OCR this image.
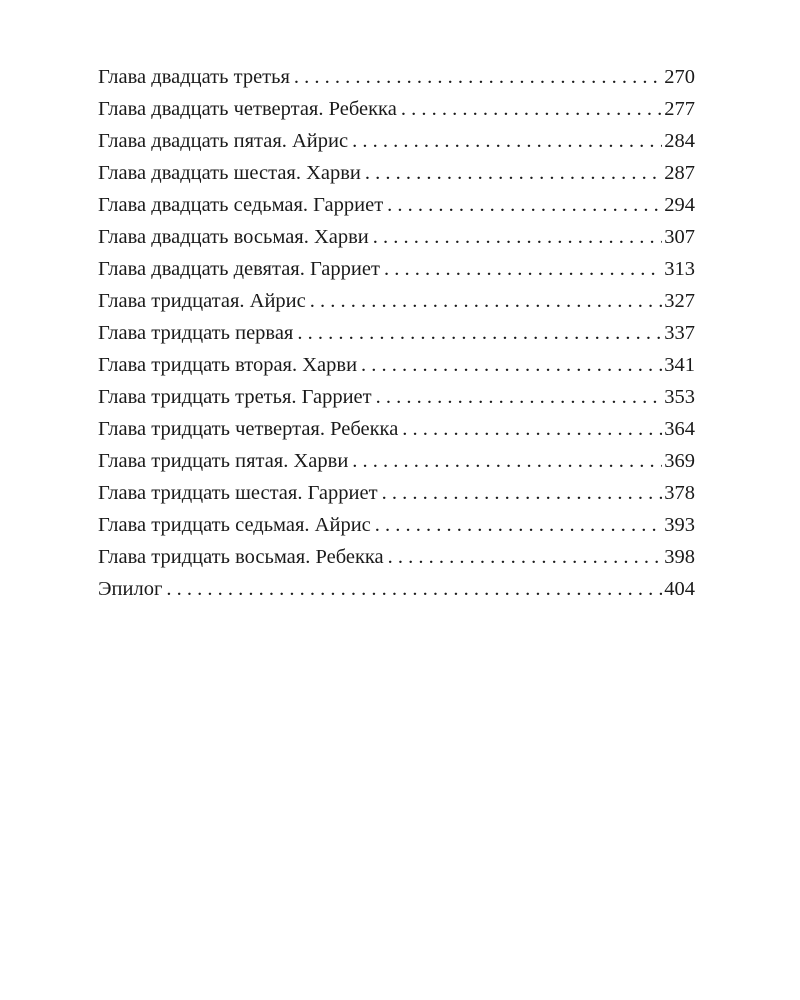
Глава двадцать третья . . .	270
Глава двадцать четвертая. Ребекка . . .	277
Глава двадцать пятая. Айрис . . .	284
Глава двадцать шестая. Харви . . .	287
Глава двадцать седьмая. Гарриет . . .	294
Глава двадцать восьмая. Харви . . .	307
Глава двадцать девятая. Гарриет . . .	313
Глава тридцатая. Айрис . . .	327
Глава тридцать первая . . .	337
Глава тридцать вторая. Харви . . .	341
Глава тридцать третья. Гарриет . . .	353
Глава тридцать четвертая. Ребекка . . .	364
Глава тридцать пятая. Харви . . .	369
Глава тридцать шестая. Гарриет . . .	378
Глава тридцать седьмая. Айрис . . .	393
Глава тридцать восьмая. Ребекка . . .	398
Эпилог . . .	404
